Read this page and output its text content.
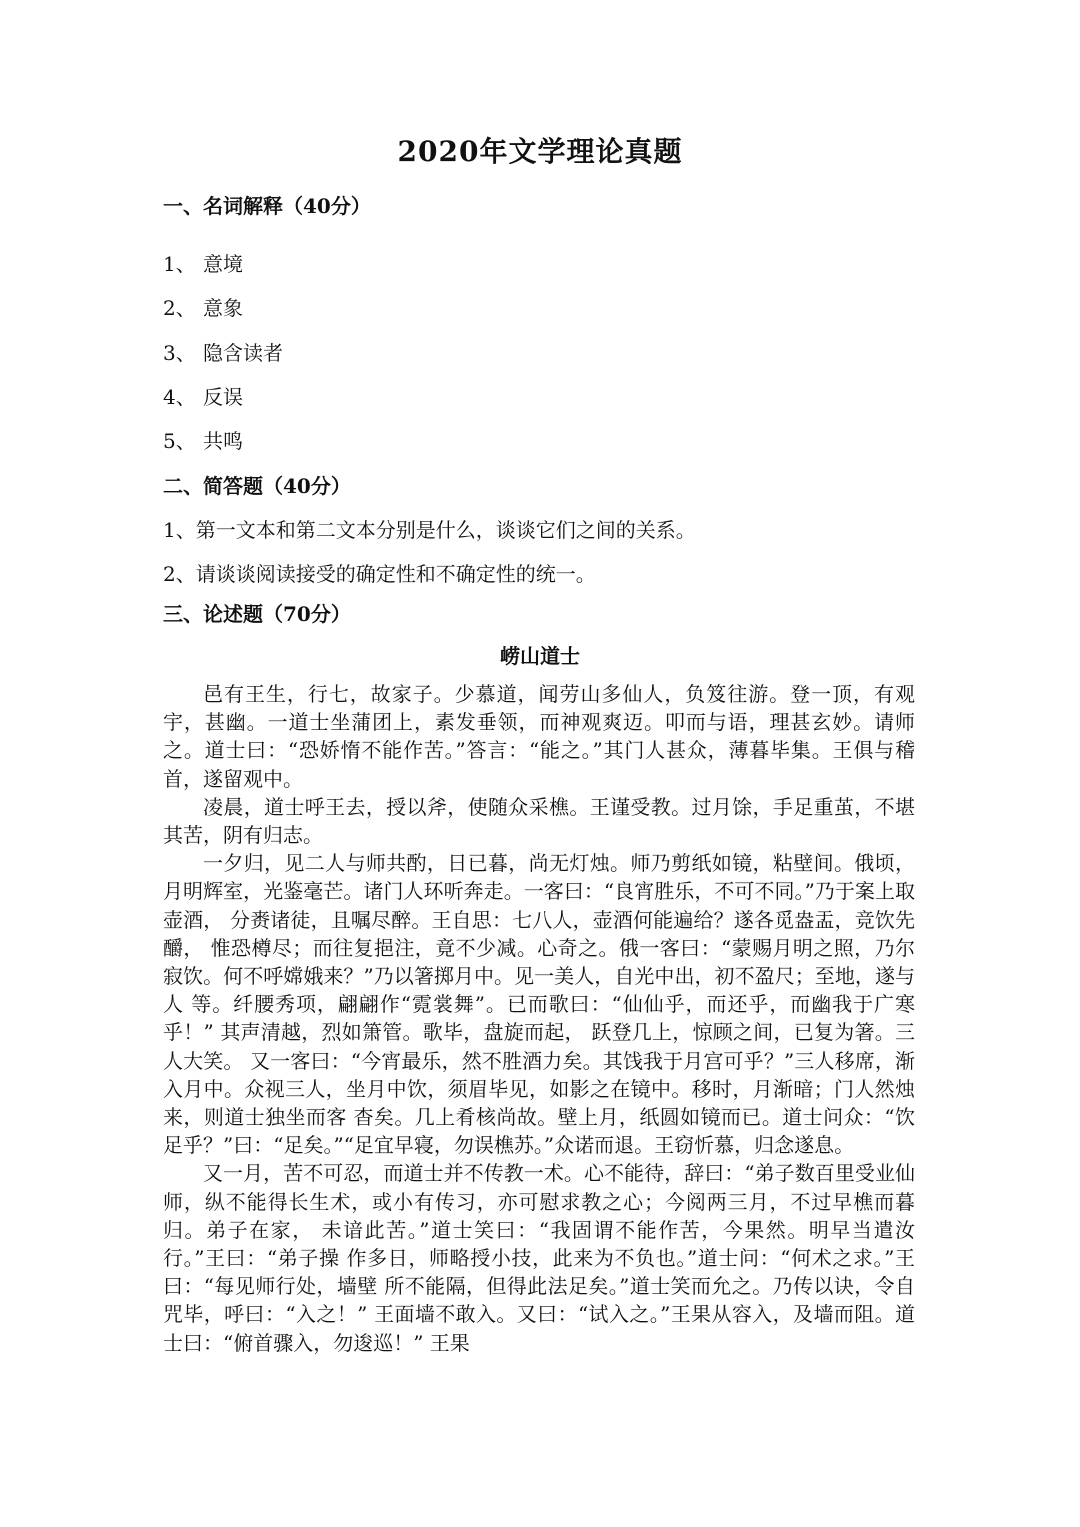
2020年文学理论真题
一、名词解释（40分）
1、 意境
2、 意象
3、 隐含读者
4、 反误
5、 共鸣
二、简答题（40分）
1、第一文本和第二文本分别是什么，谈谈它们之间的关系。
2、请谈谈阅读接受的确定性和不确定性的统一。
三、论述题（70分）
崂山道士

邑有王生，行七，故家子。少慕道，闻劳山多仙人，负笈往游。登一顶，有观宇，甚幽。一道士坐蒲团上，素发垂领，而神观爽迈。叩而与语，理甚玄妙。请师之。道士曰：“恐娇惰不能作苦。”答言：“能之。”其门人甚众，薄暮毕集。王俱与稽 首，遂留观中。

凌晨，道士呼王去，授以斧，使随众采樵。王谨受教。过月馀，手足重茧，不堪其苦，阴有归志。

一夕归，见二人与师共酌，日已暮，尚无灯烛。师乃剪纸如镜，粘壁间。俄顷，月明辉室，光鉴毫芒。诸门人环听奔走。一客曰：“良宵胜乐，不可不同。”乃于案上取壶酒， 分赉诸徒，且嘱尽醉。王自思：七八人，壶酒何能遍给？遂各觅盎盂，竞饮先釂， 惟恐樽尽；而往复挹注，竟不少减。心奇之。俄一客曰：“蒙赐月明之照，乃尔寂饮。何不呼嫦娥来？”乃以箸掷月中。见一美人，自光中出，初不盈尺；至地，遂与人 等。纤腰秀项，翩翩作“霓裳舞”。已而歌曰：“仙仙乎，而还乎，而幽我于广寒乎！” 其声清越，烈如箫管。歌毕，盘旋而起， 跃登几上，惊顾之间，已复为箸。三人大笑。 又一客曰：“今宵最乐，然不胜酒力矣。其饯我于月宫可乎？”三人移席，渐入月中。众视三人，坐月中饮，须眉毕见，如影之在镜中。移时，月渐暗；门人然烛来，则道士独坐而客 杳矣。几上肴核尚故。壁上月，纸圆如镜而已。道士问众：“饮足乎？”曰：“足矣。”“足宜早寝，勿误樵苏。”众诺而退。王窃忻慕，归念遂息。

又一月，苦不可忍，而道士并不传教一术。心不能待，辞曰：“弟子数百里受业仙师，纵不能得长生术，或小有传习，亦可慰求教之心；今阅两三月，不过早樵而暮归。弟子在家， 未谙此苦。”道士笑曰：“我固谓不能作苦，今果然。明早当遣汝行。”王曰：“弟子操 作多日，师略授小技，此来为不负也。”道士问：“何术之求。”王曰：“每见师行处，墙壁 所不能隔，但得此法足矣。”道士笑而允之。乃传以诀，令自咒毕，呼曰：“入之！” 王面墙不敢入。又曰：“试入之。”王果从容入，及墙而阻。道士曰：“俯首骤入，勿逡巡！” 王果
